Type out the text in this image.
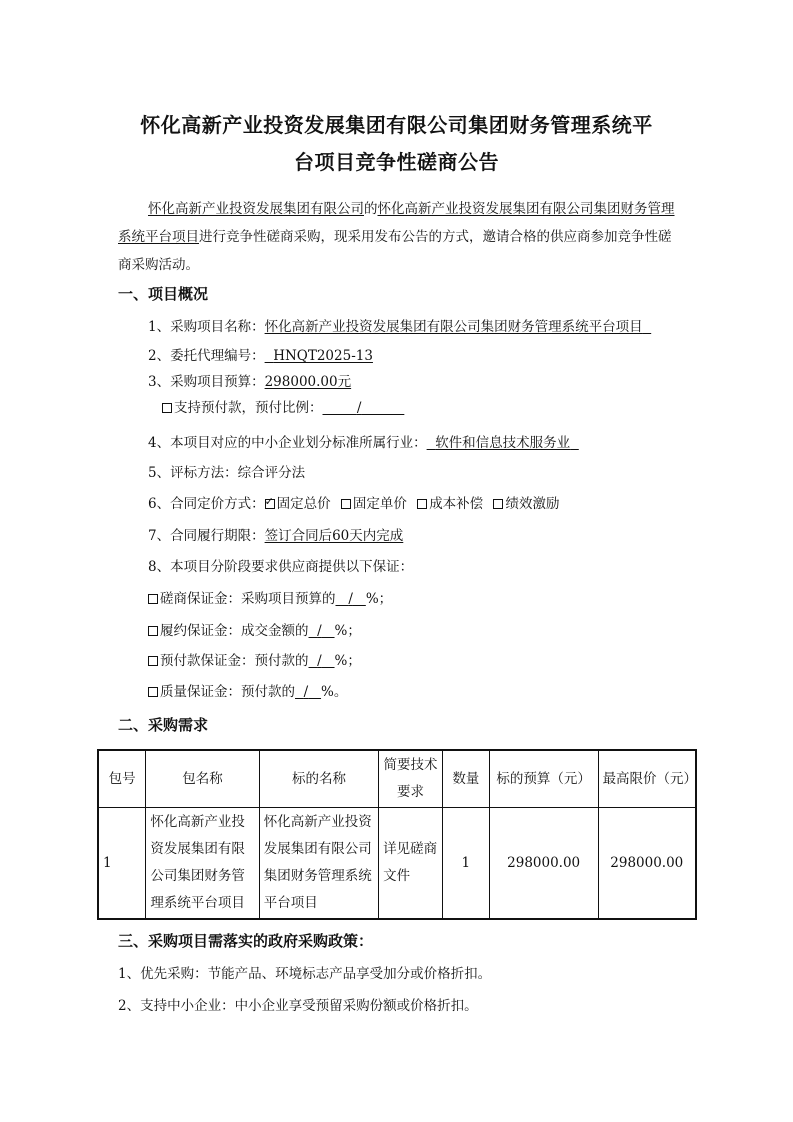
怀化高新产业投资发展集团有限公司集团财务管理系统平
台项目竞争性磋商公告
怀化高新产业投资发展集团有限公司的怀化高新产业投资发展集团有限公司集团财务管理系统平台项目进行竞争性磋商采购，现采用发布公告的方式，邀请合格的供应商参加竞争性磋商采购活动。
一、项目概况
1、采购项目名称：怀化高新产业投资发展集团有限公司集团财务管理系统平台项目
2、委托代理编号： HNQT2025-13
3、采购项目预算：298000.00元
支持预付款，预付比例：	/
4、本项目对应的中小企业划分标准所属行业： 软件和信息技术服务业
5、评标方法：综合评分法
6、合同定价方式： ✓ 固定总价 固定单价 成本补偿 绩效激励
7、合同履行期限：签订合同后60天内完成
8、本项目分阶段要求供应商提供以下保证：
磋商保证金：采购项目预算的 / %；
履约保证金：成交金额的 / %；
预付款保证金：预付款的 / %；
质量保证金：预付款的 / %。
二、采购需求
包号	包名称	标的名称	简要技术要求	数量	标的预算（元）	最高限价（元）
1	怀化高新产业投资发展集团有限公司集团财务管理系统平台项目	怀化高新产业投资发展集团有限公司集团财务管理系统平台项目	详见磋商文件	1	298000.00	298000.00
三、采购项目需落实的政府采购政策：
1、优先采购：节能产品、环境标志产品享受加分或价格折扣。
2、支持中小企业：中小企业享受预留采购份额或价格折扣。
